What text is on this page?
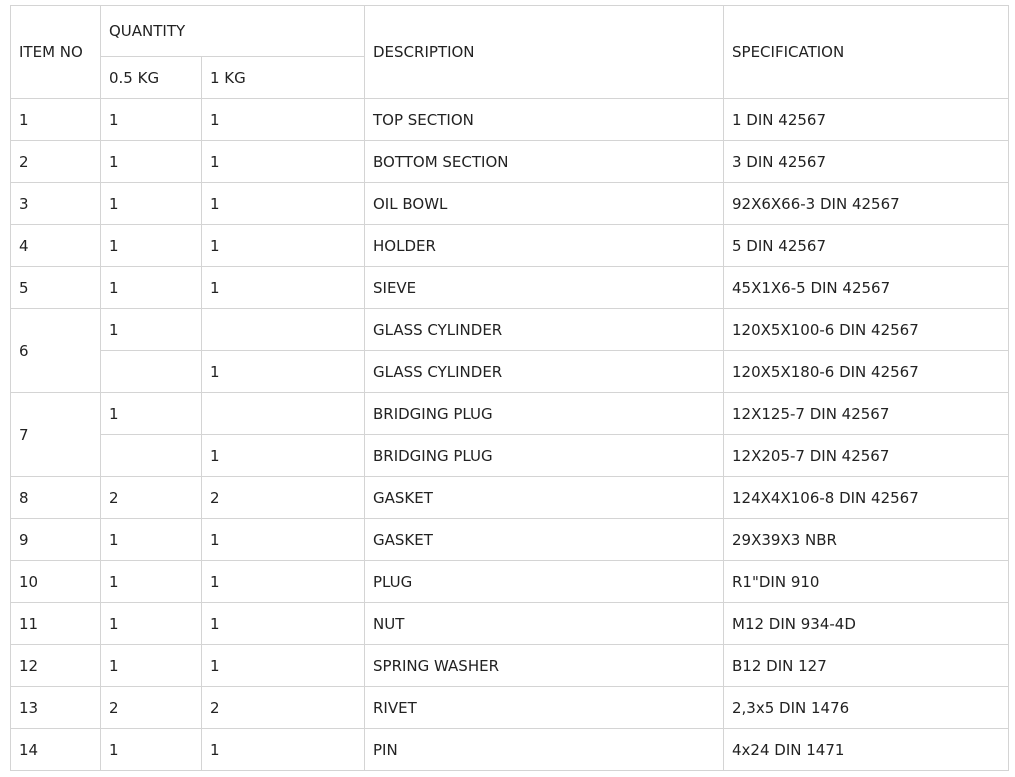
ITEM NO	QUANTITY		DESCRIPTION	SPECIFICATION
	0.5 KG	1 KG		
1	1	1	TOP SECTION	1 DIN 42567
2	1	1	BOTTOM SECTION	3 DIN 42567
3	1	1	OIL BOWL	92X6X66-3 DIN 42567
4	1	1	HOLDER	5 DIN 42567
5	1	1	SIEVE	45X1X6-5 DIN 42567
6	1		GLASS CYLINDER	120X5X100-6 DIN 42567
		1	GLASS CYLINDER	120X5X180-6 DIN 42567
7	1		BRIDGING PLUG	12X125-7 DIN 42567
		1	BRIDGING PLUG	12X205-7 DIN 42567
8	2	2	GASKET	124X4X106-8 DIN 42567
9	1	1	GASKET	29X39X3 NBR
10	1	1	PLUG	R1"DIN 910
11	1	1	NUT	M12 DIN 934-4D
12	1	1	SPRING WASHER	B12 DIN 127
13	2	2	RIVET	2,3x5 DIN 1476
14	1	1	PIN	4x24 DIN 1471
